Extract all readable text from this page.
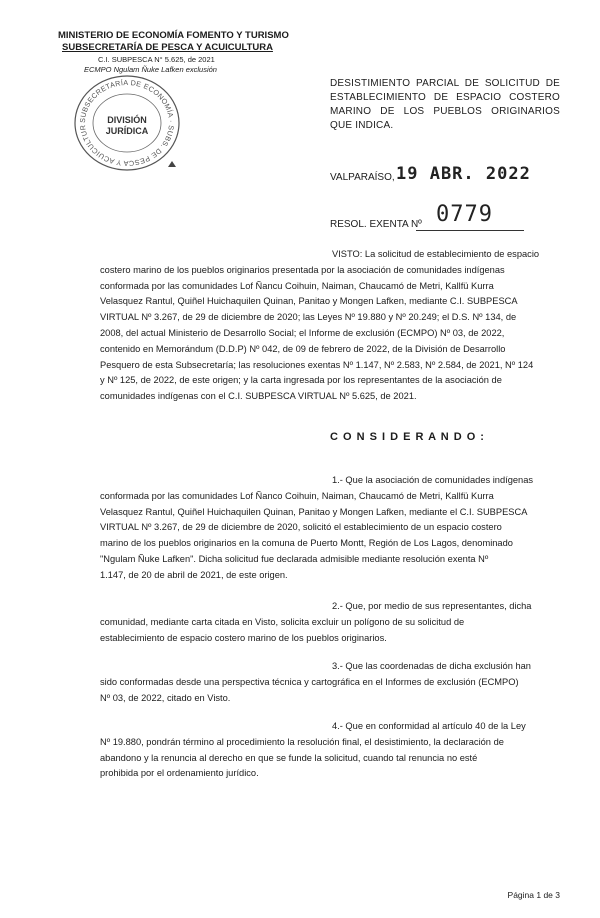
MINISTERIO DE ECONOMÍA FOMENTO Y TURISMO
SUBSECRETARÍA DE PESCA Y ACUICULTURA
C.I. SUBPESCA N° 5.625, de 2021
ECMPO Ngulam Ñuke Lafken exclusión
SUBSECRETARÍA DE ECONOMÍA · SUBS. DE PESCA Y ACUICULTUR
DIVISIÓN
JURÍDICA
DESISTIMIENTO PARCIAL DE SOLICITUD DE ESTABLECIMIENTO DE ESPACIO COSTERO MARINO DE LOS PUEBLOS ORIGINARIOS QUE INDICA.
VALPARAÍSO, 19 ABR. 2022
RESOL. EXENTA Nº 0779
VISTO: La solicitud de establecimiento de espacio
costero marino de los pueblos originarios presentada por la asociación de comunidades indígenas
conformada por las comunidades Lof Ñancu Coihuin, Naiman, Chaucamó de Metri, Kallfü Kurra
Velasquez Rantul, Quiñel Huichaquilen Quinan, Panitao y Mongen Lafken, mediante C.I. SUBPESCA
VIRTUAL Nº 3.267, de 29 de diciembre de 2020; las Leyes Nº 19.880 y Nº 20.249; el D.S. Nº 134, de
2008, del actual Ministerio de Desarrollo Social; el Informe de exclusión (ECMPO) Nº 03, de 2022,
contenido en Memorándum (D.D.P) Nº 042, de 09 de febrero de 2022, de la División de Desarrollo
Pesquero de esta Subsecretaría; las resoluciones exentas Nº 1.147, Nº 2.583, Nº 2.584, de 2021, Nº 124
y Nº 125, de 2022, de este origen; y la carta ingresada por los representantes de la asociación de
comunidades indígenas con el C.I. SUBPESCA VIRTUAL Nº 5.625, de 2021.
C O N S I D E R A N D O :
1.- Que la asociación de comunidades indígenas
conformada por las comunidades Lof Ñanco Coihuin, Naiman, Chaucamó de Metri, Kallfü Kurra
Velasquez Rantul, Quiñel Huichaquilen Quinan, Panitao y Mongen Lafken, mediante el C.I. SUBPESCA
VIRTUAL Nº 3.267, de 29 de diciembre de 2020, solicitó el establecimiento de un espacio costero
marino de los pueblos originarios en la comuna de Puerto Montt, Región de Los Lagos, denominado
"Ngulam Ñuke Lafken". Dicha solicitud fue declarada admisible mediante resolución exenta Nº
1.147, de 20 de abril de 2021, de este origen.
2.- Que, por medio de sus representantes, dicha
comunidad, mediante carta citada en Visto, solicita excluir un polígono de su solicitud de
establecimiento de espacio costero marino de los pueblos originarios.
3.- Que las coordenadas de dicha exclusión han
sido conformadas desde una perspectiva técnica y cartográfica en el Informes de exclusión (ECMPO)
Nº 03, de 2022, citado en Visto.
4.- Que en conformidad al artículo 40 de la Ley
Nº 19.880, pondrán término al procedimiento la resolución final, el desistimiento, la declaración de
abandono y la renuncia al derecho en que se funde la solicitud, cuando tal renuncia no esté
prohibida por el ordenamiento jurídico.
Página 1 de 3
